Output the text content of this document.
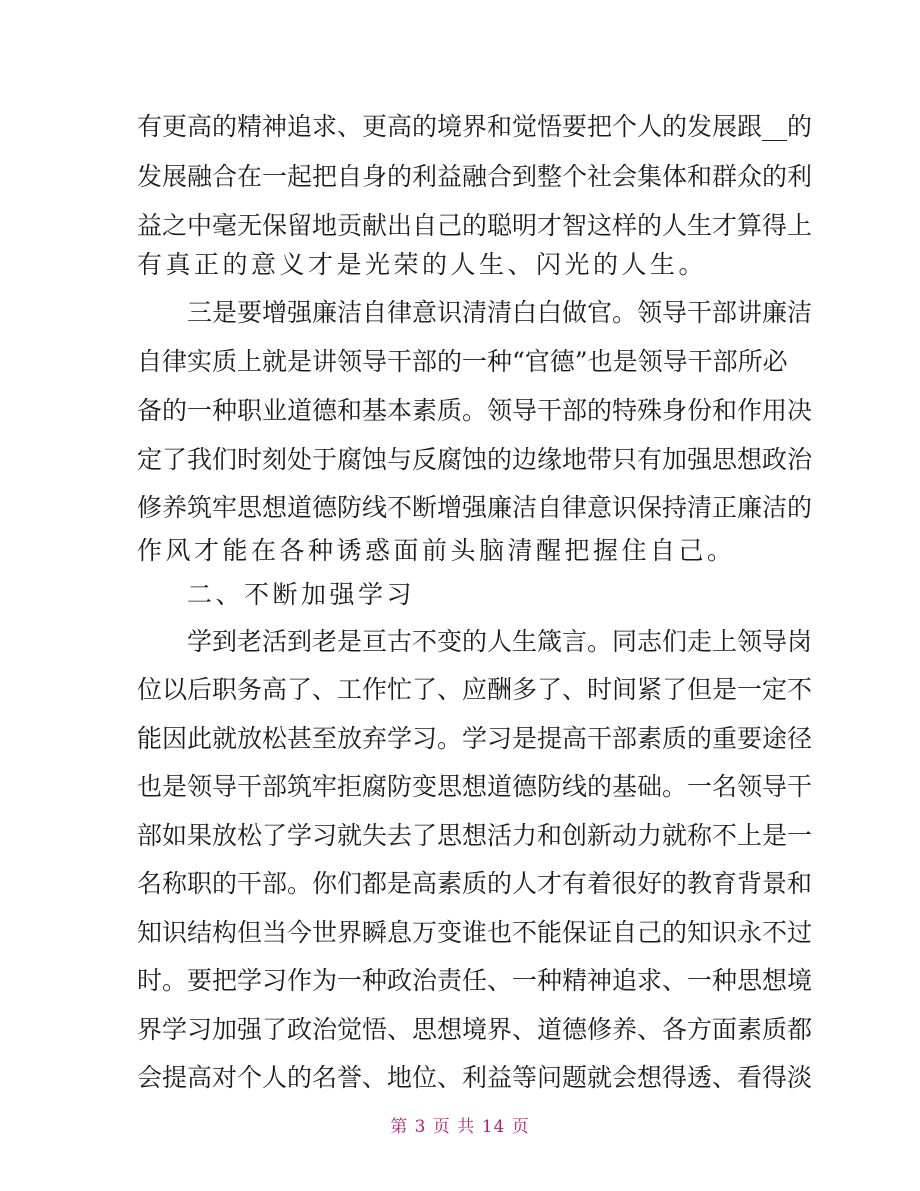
有更高的精神追求、更高的境界和觉悟要把个人的发展跟__的
发展融合在一起把自身的利益融合到整个社会集体和群众的利
益之中毫无保留地贡献出自己的聪明才智这样的人生才算得上
有真正的意义才是光荣的人生、闪光的人生。
三是要增强廉洁自律意识清清白白做官。领导干部讲廉洁
自律实质上就是讲领导干部的一种“官德”也是领导干部所必
备的一种职业道德和基本素质。领导干部的特殊身份和作用决
定了我们时刻处于腐蚀与反腐蚀的边缘地带只有加强思想政治
修养筑牢思想道德防线不断增强廉洁自律意识保持清正廉洁的
作风才能在各种诱惑面前头脑清醒把握住自己。
二、不断加强学习
学到老活到老是亘古不变的人生箴言。同志们走上领导岗
位以后职务高了、工作忙了、应酬多了、时间紧了但是一定不
能因此就放松甚至放弃学习。学习是提高干部素质的重要途径
也是领导干部筑牢拒腐防变思想道德防线的基础。一名领导干
部如果放松了学习就失去了思想活力和创新动力就称不上是一
名称职的干部。你们都是高素质的人才有着很好的教育背景和
知识结构但当今世界瞬息万变谁也不能保证自己的知识永不过
时。要把学习作为一种政治责任、一种精神追求、一种思想境
界学习加强了政治觉悟、思想境界、道德修养、各方面素质都
会提高对个人的名誉、地位、利益等问题就会想得透、看得淡
第 3 页 共 14 页
